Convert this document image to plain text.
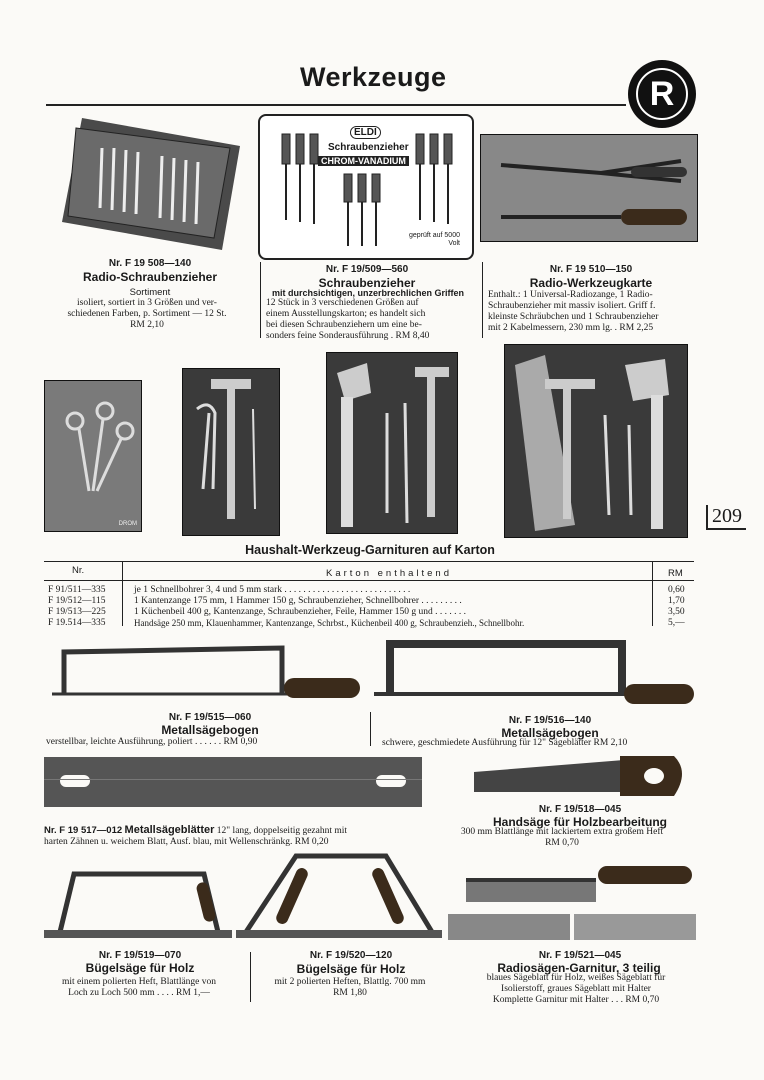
Werkzeuge	R
ELDI
Schraubenzieher
CHROM-VANADIUM
geprüft auf 5000 Volt
Nr. F 19 508—140
Radio-Schraubenzieher
Sortiment
isoliert, sortiert in 3 Größen und ver-
schiedenen Farben, p. Sortiment — 12 St.
RM 2,10
Nr. F 19/509—560
Schraubenzieher
mit durchsichtigen, unzerbrechlichen Griffen
12 Stück in 3 verschiedenen Größen auf
einem Ausstellungskarton; es handelt sich
bei diesen Schraubenziehern um eine be-
sonders feine Sonderausführung . RM 8,40
Nr. F 19 510—150
Radio-Werkzeugkarte
Enthalt.: 1 Universal-Radiozange, 1 Radio-
Schraubenzieher mit massiv isoliert. Griff f.
kleinste Schräubchen und 1 Schraubenzieher
mit 2 Kabelmessern, 230 mm lg. . RM 2,25
DROM	209
Haushalt-Werkzeug-Garnituren auf Karton
Nr.	Karton enthaltend	RM
F 91/511—335	je 1 Schnellbohrer 3, 4 und 5 mm stark . . . . . . . . . . . . . . . . . . . . . . . . . . .	0,60
F 19/512—115	1 Kantenzange 175 mm, 1 Hammer 150 g, Schraubenzieher, Schnellbohrer . . . . . . . . .	1,70
F 19/513—225	1 Küchenbeil 400 g, Kantenzange, Schraubenzieher, Feile, Hammer 150 g und . . . . . . .	3,50
F 19.514—335	Handsäge 250 mm, Klauenhammer, Kantenzange, Schrbst., Küchenbeil 400 g, Schraubenzieh., Schnellbohr.	5,—
Nr. F 19/515—060
Metallsägebogen
verstellbar, leichte Ausführung, poliert . . . . . . RM 0,90
Nr. F 19/516—140
Metallsägebogen
schwere, geschmiedete Ausführung für 12" Sägeblätter RM 2,10
Nr. F 19/518—045
Handsäge für Holzbearbeitung
300 mm Blattlänge mit lackiertem extra großem Heft
RM 0,70
Nr. F 19 517—012 Metallsägeblätter 12" lang, doppelseitig gezahnt mit
harten Zähnen u. weichem Blatt, Ausf. blau, mit Wellenschränkg. RM 0,20
Nr. F 19/519—070
Bügelsäge für Holz
mit einem polierten Heft, Blattlänge von
Loch zu Loch 500 mm . . . . RM 1,—
Nr. F 19/520—120
Bügelsäge für Holz
mit 2 polierten Heften, Blattlg. 700 mm
RM 1,80
Nr. F 19/521—045
Radiosägen-Garnitur, 3 teilig
blaues Sägeblatt für Holz, weißes Sägeblatt für
Isolierstoff, graues Sägeblatt mit Halter
Komplette Garnitur mit Halter . . . RM 0,70
